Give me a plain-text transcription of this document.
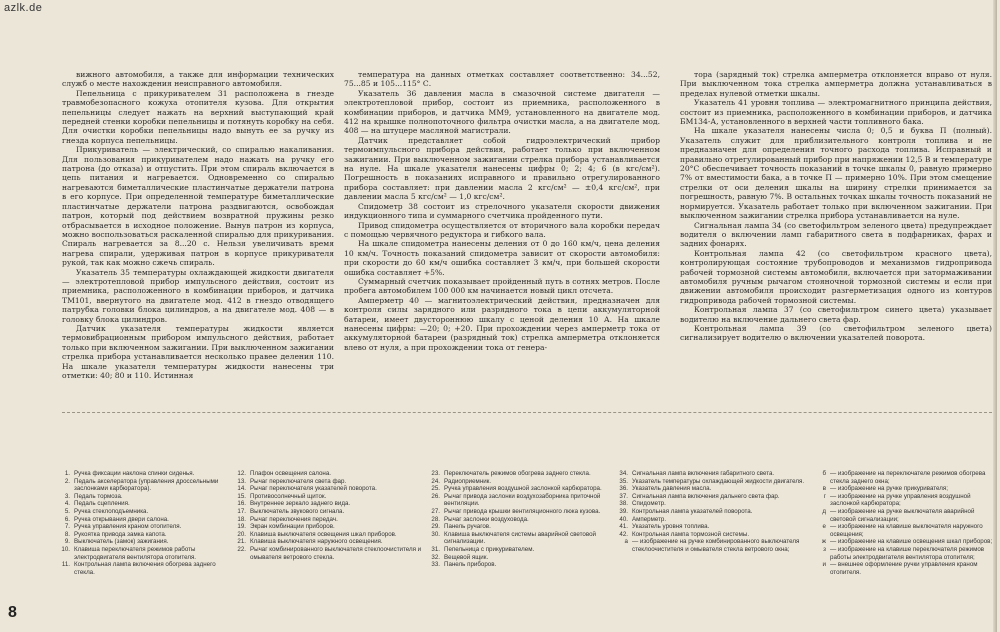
azlk.de

вижного автомобиля, а также для информации технических служб о месте нахождения неисправного автомобиля.

Пепельница с прикуривателем 31 расположена в гнезде травмобезопасного кожуха отопителя кузова. Для открытия пепельницы следует нажать на верхний выступающий край передней стенки коробки пепельницы и потянуть коробку на себя. Для очистки коробки пепельницы надо вынуть ее за ручку из гнезда корпуса пепельницы.

Прикуриватель — электрический, со спиралью накаливания. Для пользования прикуривателем надо нажать на ручку его патрона (до отказа) и отпустить. При этом спираль включается в цепь питания и нагревается. Одновременно со спиралью нагреваются биметаллические пластинчатые держатели патрона в его корпусе. При определенной температуре биметаллические пластинчатые держатели патрона раздвигаются, освобождая патрон, который под действием возвратной пружины резко отбрасывается в исходное положение. Вынув патрон из корпуса, можно воспользоваться раскаленной спиралью для прикуривания. Спираль нагревается за 8...20 с. Нельзя увеличивать время нагрева спирали, удерживая патрон в корпусе прикуривателя рукой, так как можно сжечь спираль.

Указатель 35 температуры охлаждающей жидкости двигателя — электротепловой прибор импульсного действия, состоит из приемника, расположенного в комбинации приборов, и датчика ТМ101, ввернутого на двигателе мод. 412 в гнездо отводящего патрубка головки блока цилиндров, а на двигателе мод. 408 — в головку блока цилиндров.

Датчик указателя температуры жидкости является термовибрационным прибором импульсного действия, работает только при включенном зажигании. При выключенном зажигании стрелка прибора устанавливается несколько правее деления 110. На шкале указателя температуры жидкости нанесены три отметки: 40; 80 и 110. Истинная

температура на данных отметках составляет соответственно: 34...52, 75...85 и 105...115° С.

Указатель 36 давления масла в смазочной системе двигателя — электротепловой прибор, состоит из приемника, расположенного в комбинации приборов, и датчика ММ9, установленного на двигателе мод. 412 на крышке полнопоточного фильтра очистки масла, а на двигателе мод. 408 — на штуцере масляной магистрали.

Датчик представляет собой гидроэлектрический прибор термоимпульсного прибора действия, работает только при включенном зажигании. При выключенном зажигании стрелка прибора устанавливается на нуле. На шкале указателя нанесены цифры 0; 2; 4; 6 (в кгс/см²). Погрешность в показаниях исправного и правильно отрегулированного прибора составляет: при давлении масла 2 кгс/см² — ±0,4 кгс/см², при давлении масла 5 кгс/см² — 1,0 кгс/см².

Спидометр 38 состоит из стрелочного указателя скорости движения индукционного типа и суммарного счетчика пройденного пути.

Привод спидометра осуществляется от вторичного вала коробки передач с помощью червячного редуктора и гибкого вала.

На шкале спидометра нанесены деления от 0 до 160 км/ч, цена деления 10 км/ч. Точность показаний спидометра зависит от скорости автомобиля: при скорости до 60 км/ч ошибка составляет 3 км/ч, при большей скорости ошибка составляет +5%.

Суммарный счетчик показывает пройденный путь в сотнях метров. После пробега автомобилем 100 000 км начинается новый цикл отсчета.

Амперметр 40 — магнитоэлектрический действия, предназначен для контроля силы зарядного или разрядного тока в цепи аккумуляторной батареи, имеет двустороннюю шкалу с ценой деления 10 А. На шкале нанесены цифры: —20; 0; +20. При прохождении через амперметр тока от аккумуляторной батареи (разрядный ток) стрелка амперметра отклоняется влево от нуля, а при прохождении тока от генера-

тора (зарядный ток) стрелка амперметра отклоняется вправо от нуля. При выключенном тока стрелка амперметра должна устанавливаться в пределах нулевой отметки шкалы.

Указатель 41 уровня топлива — электромагнитного принципа действия, состоит из приемника, расположенного в комбинации приборов, и датчика БМ134-А, установленного в верхней части топливного бака.

На шкале указателя нанесены числа 0; 0,5 и буква П (полный). Указатель служит для приблизительного контроля топлива и не предназначен для определения точного расхода топлива. Исправный и правильно отрегулированный прибор при напряжении 12,5 В и температуре 20°С обеспечивает точность показаний в точке шкалы 0, равную примерно 7% от вместимости бака, а в точке П — примерно 10%. При этом смещение стрелки от оси деления шкалы на ширину стрелки принимается за погрешность, равную 7%. В остальных точках шкалы точность показаний не нормируется. Указатель работает только при включенном зажигании. При выключенном зажигании стрелка прибора устанавливается на нуле.

Сигнальная лампа 34 (со светофильтром зеленого цвета) предупреждает водителя о включении ламп габаритного света в подфарниках, фарах и задних фонарях.

Контрольная лампа 42 (со светофильтром красного цвета), контролирующая состояние трубопроводов и механизмов гидропривода рабочей тормозной системы автомобиля, включается при затормаживании автомобиля ручным рычагом стояночной тормозной системы и если при движении автомобиля происходит разгерметизация одного из контуров гидропривода рабочей тормозной системы.

Контрольная лампа 37 (со светофильтром синего цвета) указывает водителю на включение дальнего света фар.

Контрольная лампа 39 (со светофильтром зеленого цвета) сигнализирует водителю о включении указателей поворота.

1. Ручка фиксации наклона спинки сиденья.
2. Педаль акселератора (управления дроссельными заслонками карбюратора).
3. Педаль тормоза.
4. Педаль сцепления.
5. Ручка стеклоподъемника.
6. Ручка открывания двери салона.
7. Ручка управления краном отопителя.
8. Рукоятка привода замка капота.
9. Выключатель (замок) зажигания.
10. Клавиша переключателя режимов работы электродвигателя вентилятора отопителя.
11. Контрольная лампа включения обогрева заднего стекла.
12. Плафон освещения салона.
13. Рычаг переключателя света фар.
14. Рычаг переключателя указателей поворота.
15. Противосолнечный щиток.
16. Внутреннее зеркало заднего вида.
17. Выключатель звукового сигнала.
18. Рычаг переключения передач.
19. Экран комбинации приборов.
20. Клавиша выключателя освещения шкал приборов.
21. Клавиша выключателя наружного освещения.
22. Рычаг комбинированного выключателя стеклоочистителя и омывателя ветрового стекла.
23. Переключатель режимов обогрева заднего стекла.
24. Радиоприемник.
25. Ручка управления воздушной заслонкой карбюратора.
26. Рычаг привода заслонки воздухозаборника приточной вентиляции.
27. Рычаг привода крышки вентиляционного люка кузова.
28. Рычаг заслонки воздуховода.
29. Панель ручагов.
30. Клавиша выключателя системы аварийной световой сигнализации.
31. Пепельница с прикуривателем.
32. Вещевой ящик.
33. Панель приборов.
34. Сигнальная лампа включения габаритного света.
35. Указатель температуры охлаждающей жидкости двигателя.
36. Указатель давления масла.
37. Сигнальная лампа включения дальнего света фар.
38. Спидометр.
39. Контрольная лампа указателей поворота.
40. Амперметр.
41. Указатель уровня топлива.
42. Контрольная лампа тормозной системы.
а — изображение на ручке комбинированного выключателя стеклоочистителя и омывателя стекла ветрового окна;
б — изображение на переключателе режимов обогрева стекла заднего окна;
в — изображение на ручке прикуривателя;
г — изображение на ручке управления воздушной заслонкой карбюратора;
д — изображение на ручке выключателя аварийной световой сигнализации;
е — изображение на клавише выключателя наружного освещения;
ж — изображение на клавише освещения шкал приборов;
з — изображение на клавише переключателя режимов работы электродвигателя вентилятора отопителя;
и — внешнее оформление ручки управления краном отопителя.
8
